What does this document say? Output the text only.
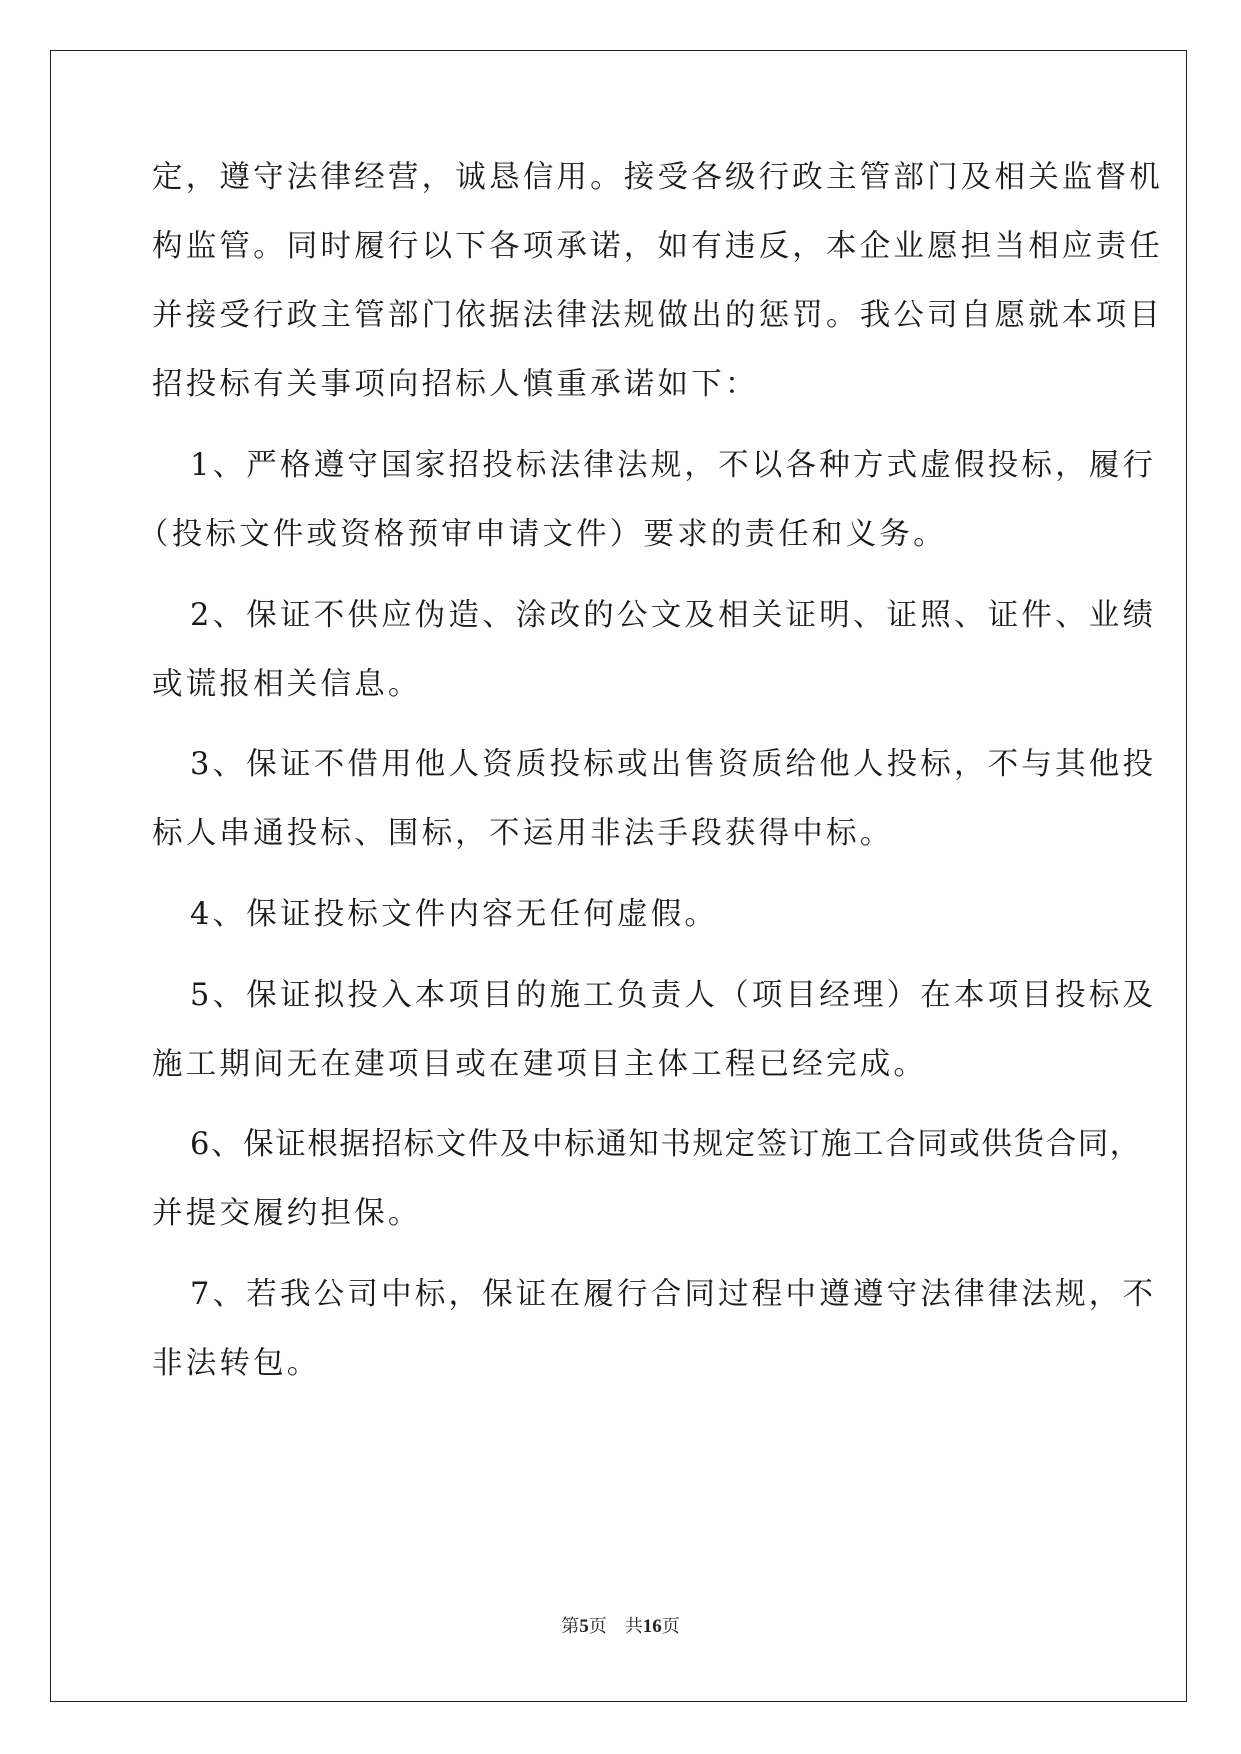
定，遵守法律经营，诚恳信用。接受各级行政主管部门及相关监督机
构监管。同时履行以下各项承诺，如有违反，本企业愿担当相应责任
并接受行政主管部门依据法律法规做出的惩罚。我公司自愿就本项目
招投标有关事项向招标人慎重承诺如下：
1、严格遵守国家招投标法律法规，不以各种方式虚假投标，履行
（投标文件或资格预审申请文件）要求的责任和义务。
2、保证不供应伪造、涂改的公文及相关证明、证照、证件、业绩
或谎报相关信息。
3、保证不借用他人资质投标或出售资质给他人投标，不与其他投
标人串通投标、围标，不运用非法手段获得中标。
4、保证投标文件内容无任何虚假。
5、保证拟投入本项目的施工负责人（项目经理）在本项目投标及
施工期间无在建项目或在建项目主体工程已经完成。
6、保证根据招标文件及中标通知书规定签订施工合同或供货合同，
并提交履约担保。
7、若我公司中标，保证在履行合同过程中遵遵守法律律法规，不
非法转包。
第5页 共16页
